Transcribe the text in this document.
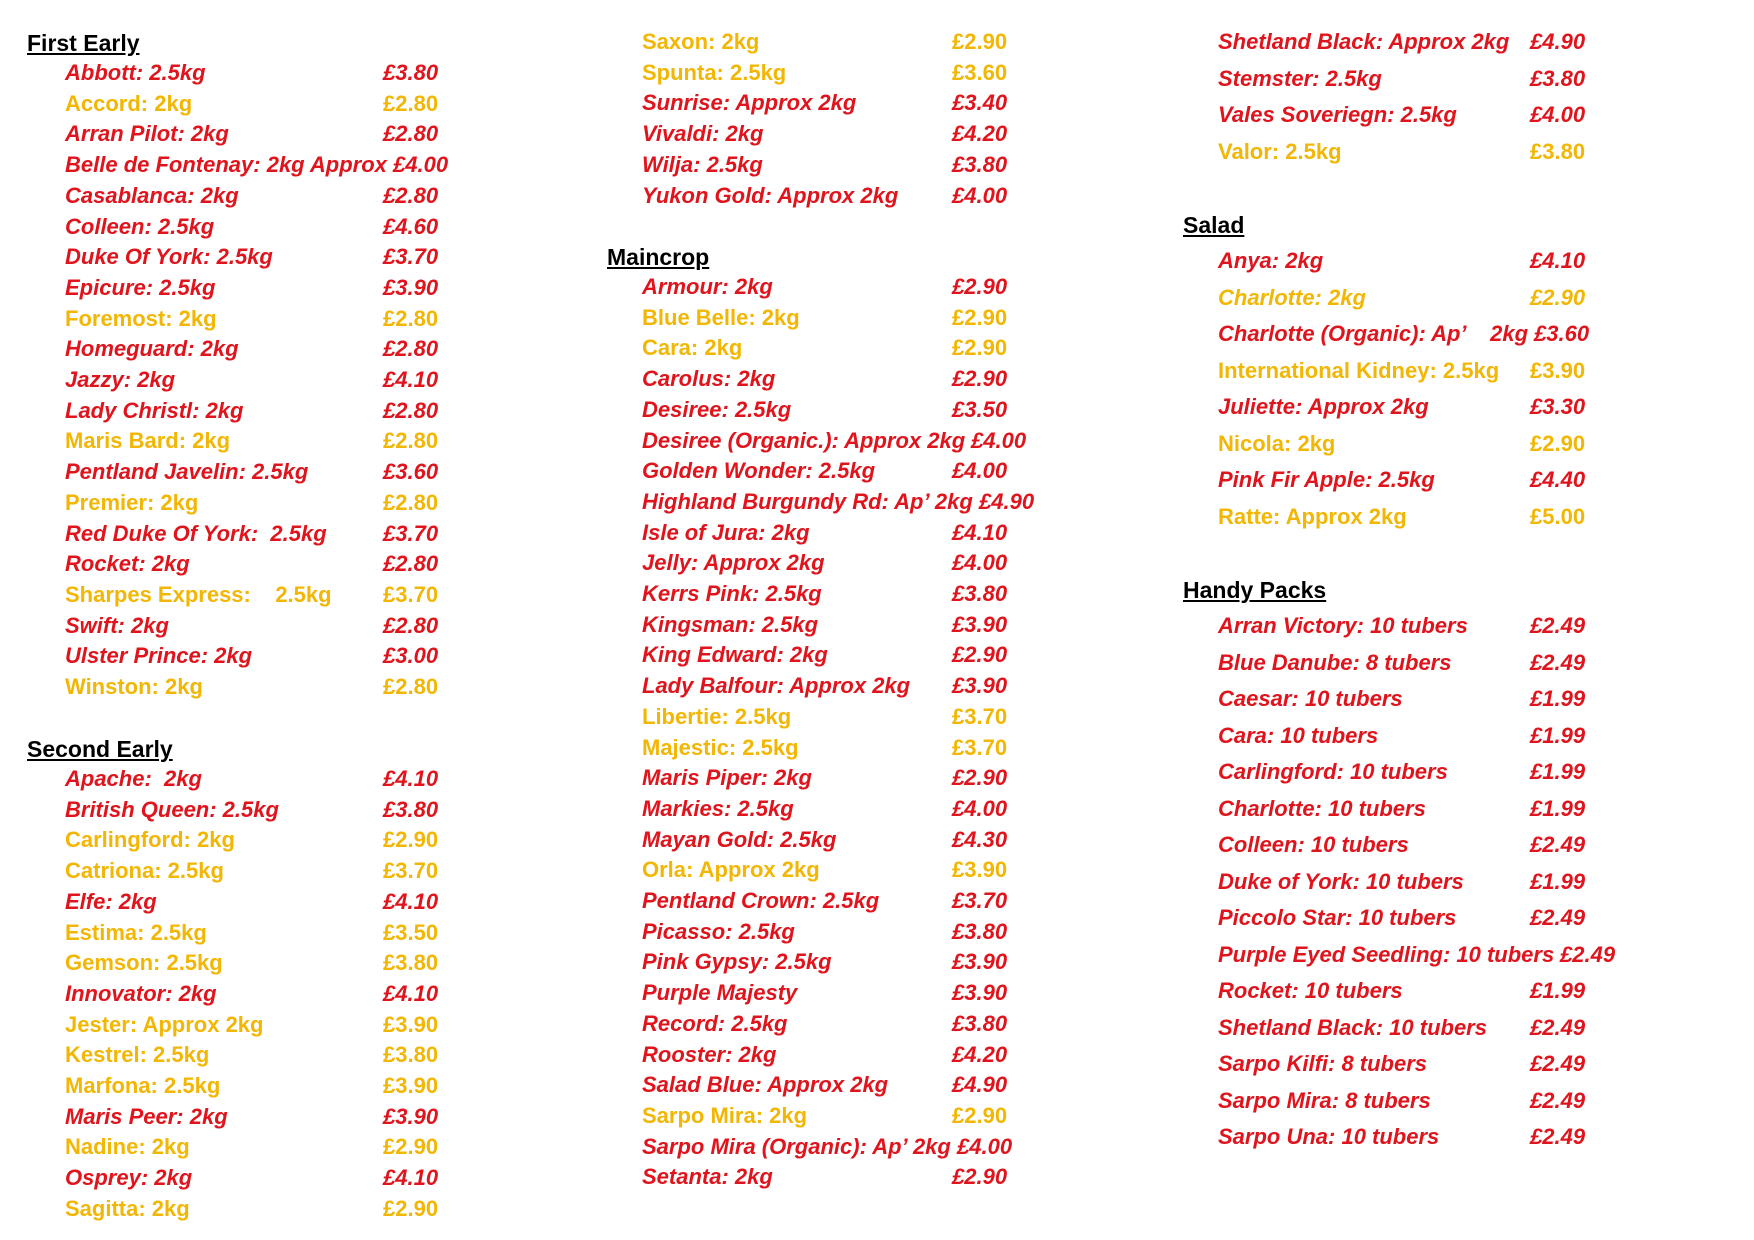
First Early
Abbott: 2.5kg	£3.80
Accord: 2kg	£2.80
Arran Pilot: 2kg	£2.80
Belle de Fontenay: 2kg Approx £4.00
Casablanca: 2kg	£2.80
Colleen: 2.5kg	£4.60
Duke Of York: 2.5kg	£3.70
Epicure: 2.5kg	£3.90
Foremost: 2kg	£2.80
Homeguard: 2kg	£2.80
Jazzy: 2kg	£4.10
Lady Christl: 2kg	£2.80
Maris Bard: 2kg	£2.80
Pentland Javelin: 2.5kg	£3.60
Premier: 2kg	£2.80
Red Duke Of York:  2.5kg	£3.70
Rocket: 2kg	£2.80
Sharpes Express:    2.5kg £3.70
Swift: 2kg	£2.80
Ulster Prince: 2kg	£3.00
Winston: 2kg	£2.80
Second Early
Apache:  2kg	£4.10
British Queen: 2.5kg	£3.80
Carlingford: 2kg	£2.90
Catriona: 2.5kg	£3.70
Elfe: 2kg	£4.10
Estima: 2.5kg	£3.50
Gemson: 2.5kg	£3.80
Innovator: 2kg	£4.10
Jester: Approx 2kg	£3.90
Kestrel: 2.5kg	£3.80
Marfona: 2.5kg	£3.90
Maris Peer: 2kg	£3.90
Nadine: 2kg	£2.90
Osprey: 2kg	£4.10
Sagitta: 2kg	£2.90
Saxon: 2kg	£2.90
Spunta: 2.5kg	£3.60
Sunrise: Approx 2kg	£3.40
Vivaldi: 2kg	£4.20
Wilja: 2.5kg	£3.80
Yukon Gold: Approx 2kg £4.00
Maincrop
Armour: 2kg	£2.90
Blue Belle: 2kg	£2.90
Cara: 2kg	£2.90
Carolus: 2kg	£2.90
Desiree: 2.5kg	£3.50
Desiree (Organic.): Approx 2kg £4.00
Golden Wonder: 2.5kg	£4.00
Highland Burgundy Rd: Ap’ 2kg £4.90
Isle of Jura: 2kg	£4.10
Jelly: Approx 2kg	£4.00
Kerrs Pink: 2.5kg	£3.80
Kingsman: 2.5kg	£3.90
King Edward: 2kg	£2.90
Lady Balfour: Approx 2kg £3.90
Libertie: 2.5kg	£3.70
Majestic: 2.5kg	£3.70
Maris Piper: 2kg	£2.90
Markies: 2.5kg	£4.00
Mayan Gold: 2.5kg	£4.30
Orla: Approx 2kg	£3.90
Pentland Crown: 2.5kg	£3.70
Picasso: 2.5kg	£3.80
Pink Gypsy: 2.5kg	£3.90
Purple Majesty	£3.90
Record: 2.5kg	£3.80
Rooster: 2kg	£4.20
Salad Blue: Approx 2kg	£4.90
Sarpo Mira: 2kg	£2.90
Sarpo Mira (Organic): Ap’ 2kg £4.00
Setanta: 2kg	£2.90
Shetland Black: Approx 2kg £4.90
Stemster: 2.5kg	£3.80
Vales Soveriegn: 2.5kg	£4.00
Valor: 2.5kg	£3.80
Salad
Anya: 2kg	£4.10
Charlotte: 2kg	£2.90
Charlotte (Organic): Ap’    2kg £3.60
International Kidney: 2.5kg £3.90
Juliette: Approx 2kg	£3.30
Nicola: 2kg	£2.90
Pink Fir Apple: 2.5kg	£4.40
Ratte: Approx 2kg	£5.00
Handy Packs
Arran Victory: 10 tubers	£2.49
Blue Danube: 8 tubers	£2.49
Caesar: 10 tubers	£1.99
Cara: 10 tubers	£1.99
Carlingford: 10 tubers	£1.99
Charlotte: 10 tubers	£1.99
Colleen: 10 tubers	£2.49
Duke of York: 10 tubers	£1.99
Piccolo Star: 10 tubers	£2.49
Purple Eyed Seedling: 10 tubers £2.49
Rocket: 10 tubers	£1.99
Shetland Black: 10 tubers £2.49
Sarpo Kilfi: 8 tubers	£2.49
Sarpo Mira: 8 tubers	£2.49
Sarpo Una: 10 tubers	£2.49
